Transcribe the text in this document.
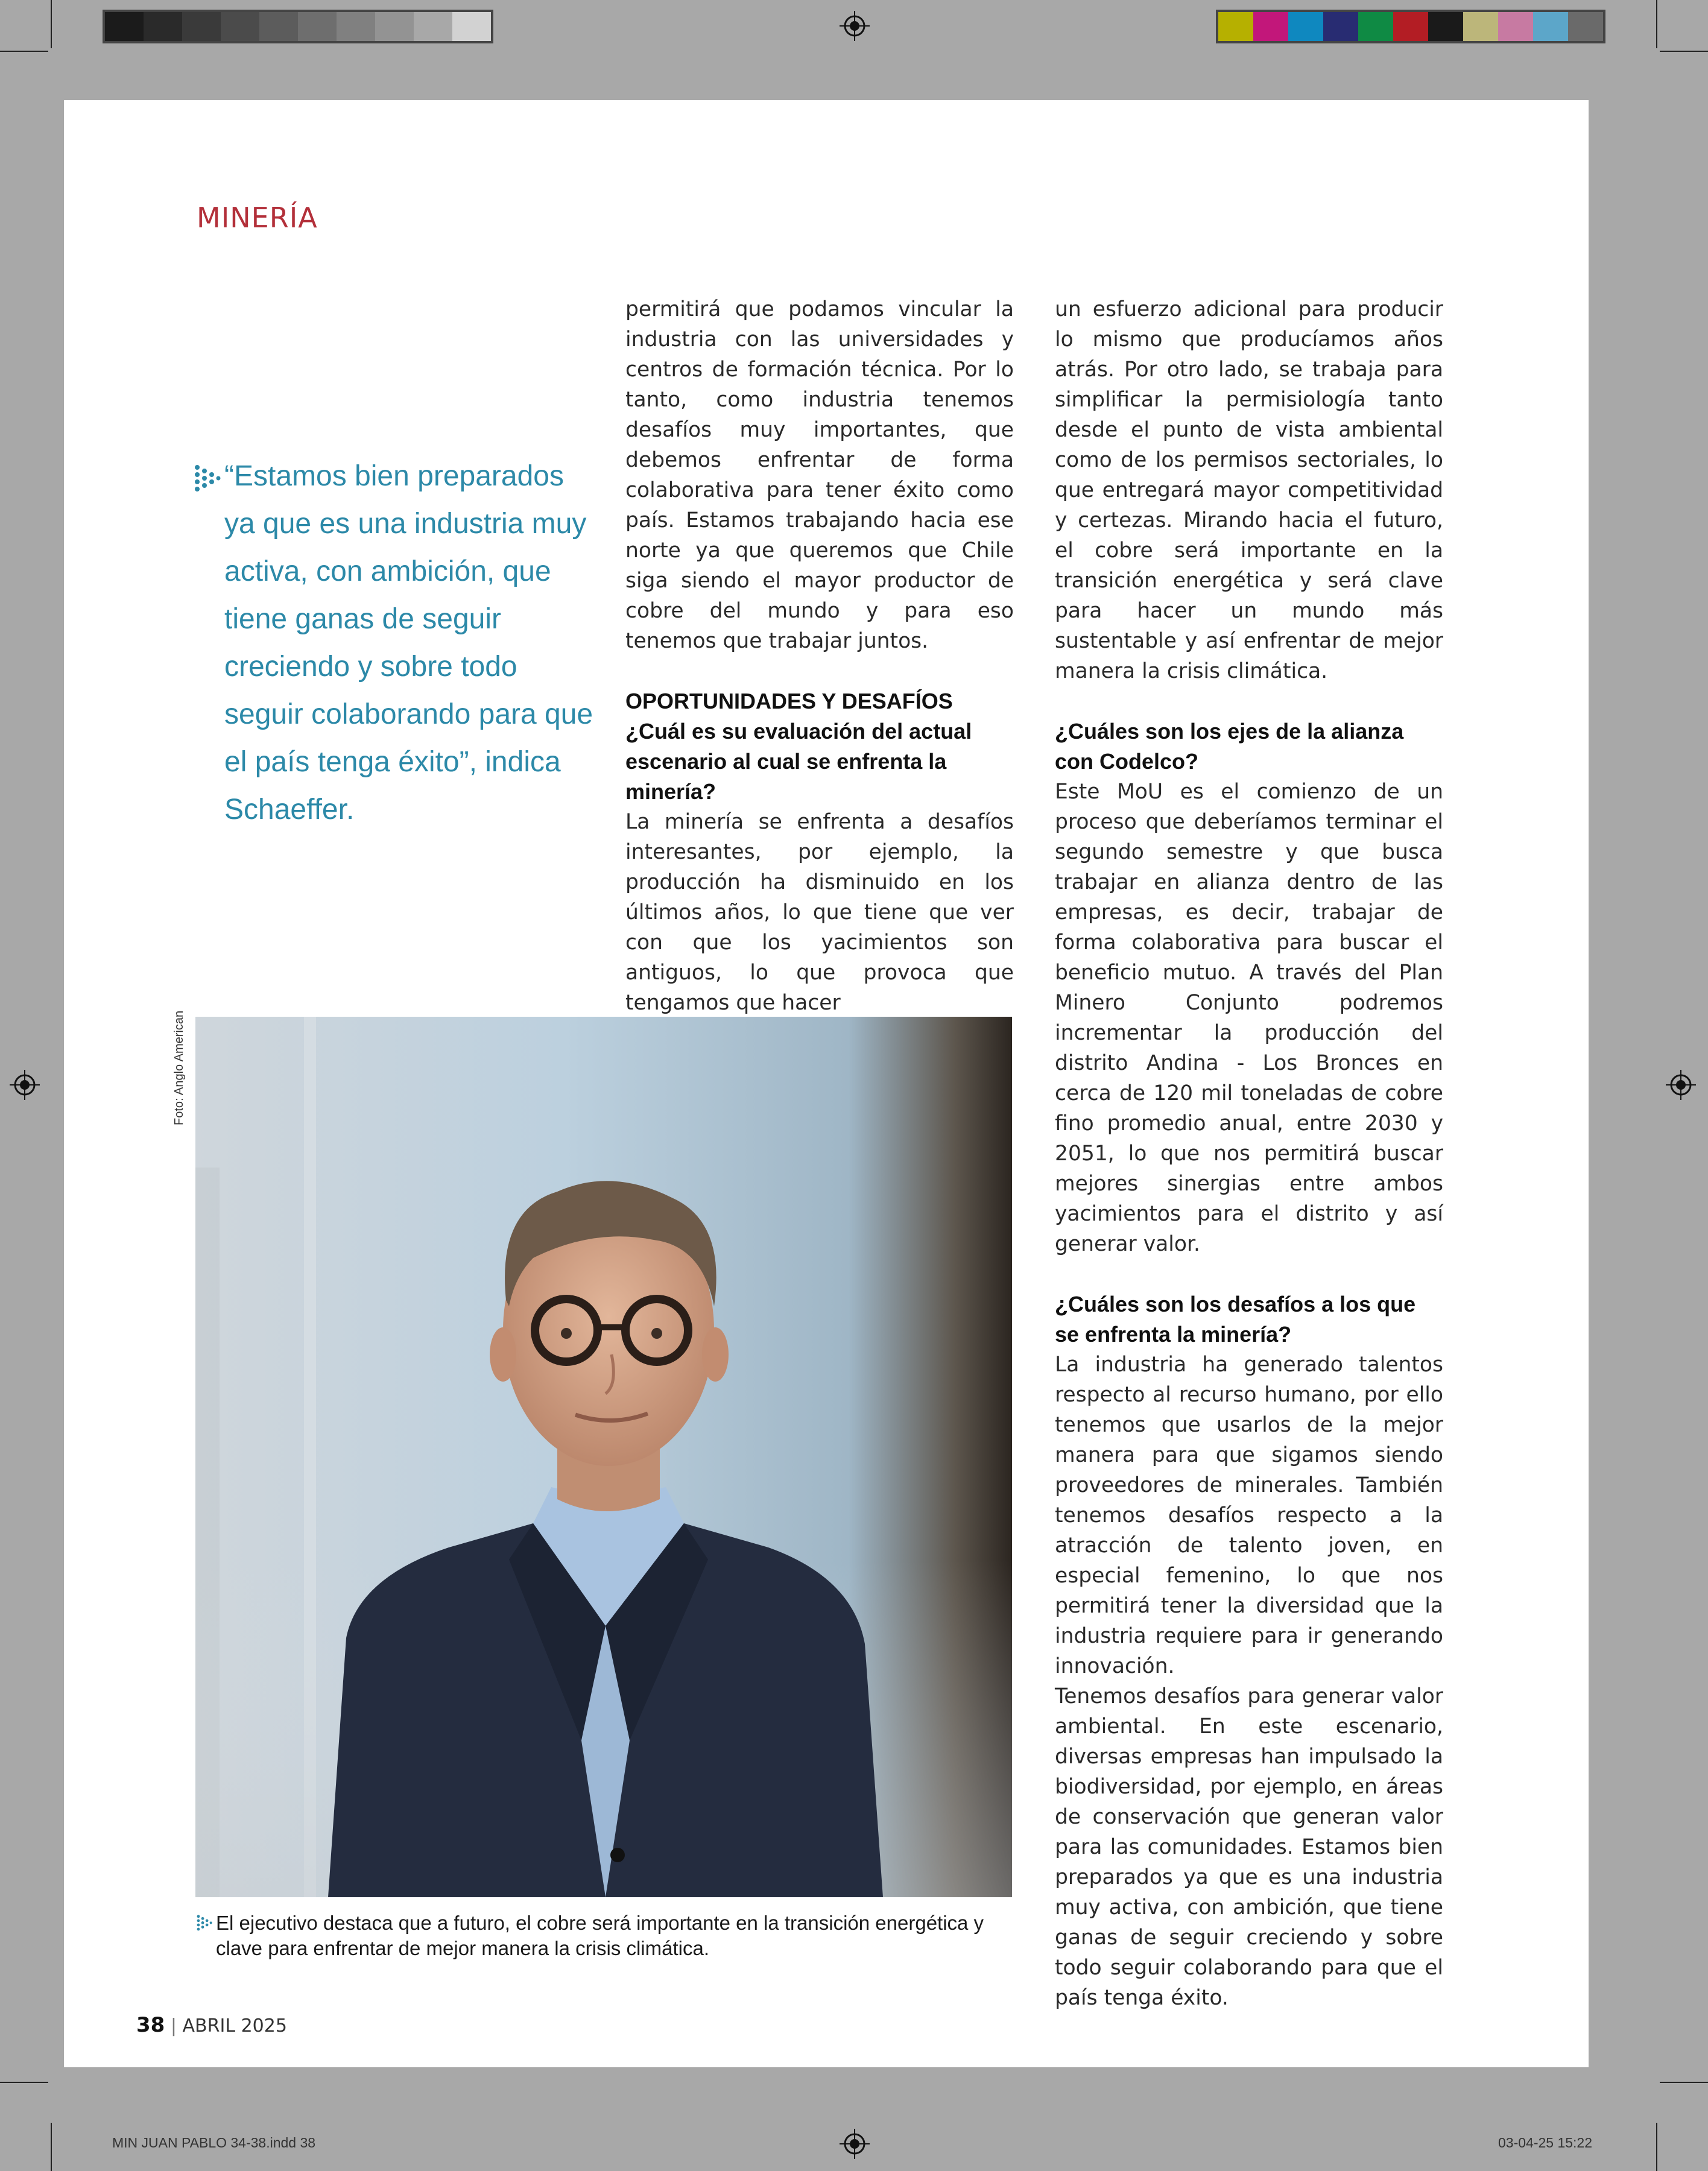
MINERÍA

“Estamos bien preparados ya que es una industria muy activa, con ambición, que tiene ganas de seguir creciendo y sobre todo seguir colaborando para que el país tenga éxito”, indica Schaeffer.

permitirá que podamos vincular la industria con las universidades y centros de formación técnica. Por lo tanto, como industria tenemos desafíos muy importantes, que debemos enfrentar de forma colaborativa para tener éxito como país. Estamos trabajando hacia ese norte ya que queremos que Chile siga siendo el mayor productor de cobre del mundo y para eso tenemos que trabajar juntos.

OPORTUNIDADES Y DESAFÍOS

¿Cuál es su evaluación del actual escenario al cual se enfrenta la minería?

La minería se enfrenta a desafíos interesantes, por ejemplo, la producción ha disminuido en los últimos años, lo que tiene que ver con que los yacimientos son antiguos, lo que provoca que tengamos que hacer

un esfuerzo adicional para producir lo mismo que producíamos años atrás. Por otro lado, se trabaja para simplificar la permisiología tanto desde el punto de vista ambiental como de los permisos sectoriales, lo que entregará mayor competitividad y certezas. Mirando hacia el futuro, el cobre será importante en la transición energética y será clave para hacer un mundo más sustentable y así enfrentar de mejor manera la crisis climática.

¿Cuáles son los ejes de la alianza con Codelco?

Este MoU es el comienzo de un proceso que deberíamos terminar el segundo semestre y que busca trabajar en alianza dentro de las empresas, es decir, trabajar de forma colaborativa para buscar el beneficio mutuo. A través del Plan Minero Conjunto podremos incrementar la producción del distrito Andina - Los Bronces en cerca de 120 mil toneladas de cobre fino promedio anual, entre 2030 y 2051, lo que nos permitirá buscar mejores sinergias entre ambos yacimientos para el distrito y así generar valor.

¿Cuáles son los desafíos a los que se enfrenta la minería?

La industria ha generado talentos respecto al recurso humano, por ello tenemos que usarlos de la mejor manera para que sigamos siendo proveedores de minerales. También tenemos desafíos respecto a la atracción de talento joven, en especial femenino, lo que nos permitirá tener la diversidad que la industria requiere para ir generando innovación.

Tenemos desafíos para generar valor ambiental. En este escenario, diversas empresas han impulsado la biodiversidad, por ejemplo, en áreas de conservación que generan valor para las comunidades. Estamos bien preparados ya que es una industria muy activa, con ambición, que tiene ganas de seguir creciendo y sobre todo seguir colaborando para que el país tenga éxito.

Foto: Anglo American
El ejecutivo destaca que a futuro, el cobre será importante en la transición energética y clave para enfrentar de mejor manera la crisis climática.
38 | ABRIL 2025
MIN JUAN PABLO 34-38.indd 38	03-04-25 15:22
